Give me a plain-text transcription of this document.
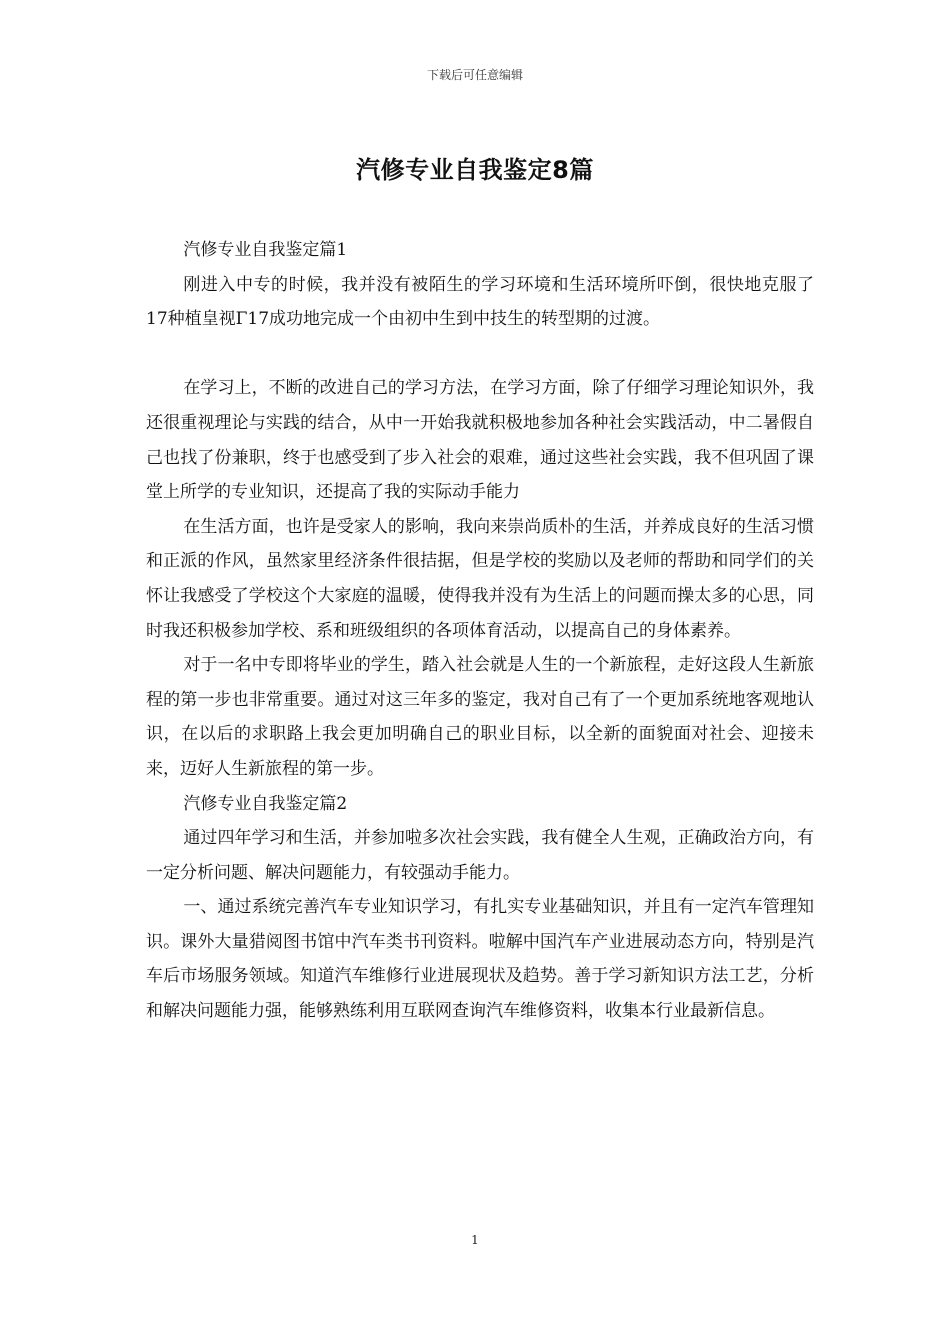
下载后可任意编辑
汽修专业自我鉴定8篇

汽修专业自我鉴定篇1

刚进入中专的时候，我并没有被陌生的学习环境和生活环境所吓倒，很快地克服了17种植皇视Γ17成功地完成一个由初中生到中技生的转型期的过渡。

在学习上，不断的改进自己的学习方法，在学习方面，除了仔细学习理论知识外，我还很重视理论与实践的结合，从中一开始我就积极地参加各种社会实践活动，中二暑假自己也找了份兼职，终于也感受到了步入社会的艰难，通过这些社会实践，我不但巩固了课堂上所学的专业知识，还提高了我的实际动手能力

在生活方面，也许是受家人的影响，我向来崇尚质朴的生活，并养成良好的生活习惯和正派的作风，虽然家里经济条件很拮据，但是学校的奖励以及老师的帮助和同学们的关怀让我感受了学校这个大家庭的温暖，使得我并没有为生活上的问题而操太多的心思，同时我还积极参加学校、系和班级组织的各项体育活动，以提高自己的身体素养。

对于一名中专即将毕业的学生，踏入社会就是人生的一个新旅程，走好这段人生新旅程的第一步也非常重要。通过对这三年多的鉴定，我对自己有了一个更加系统地客观地认识，在以后的求职路上我会更加明确自己的职业目标，以全新的面貌面对社会、迎接未来，迈好人生新旅程的第一步。

汽修专业自我鉴定篇2

通过四年学习和生活，并参加啦多次社会实践，我有健全人生观，正确政治方向，有一定分析问题、解决问题能力，有较强动手能力。

一、通过系统完善汽车专业知识学习，有扎实专业基础知识，并且有一定汽车管理知识。课外大量猎阅图书馆中汽车类书刊资料。啦解中国汽车产业进展动态方向，特别是汽车后市场服务领域。知道汽车维修行业进展现状及趋势。善于学习新知识方法工艺，分析和解决问题能力强，能够熟练利用互联网查询汽车维修资料，收集本行业最新信息。

1
